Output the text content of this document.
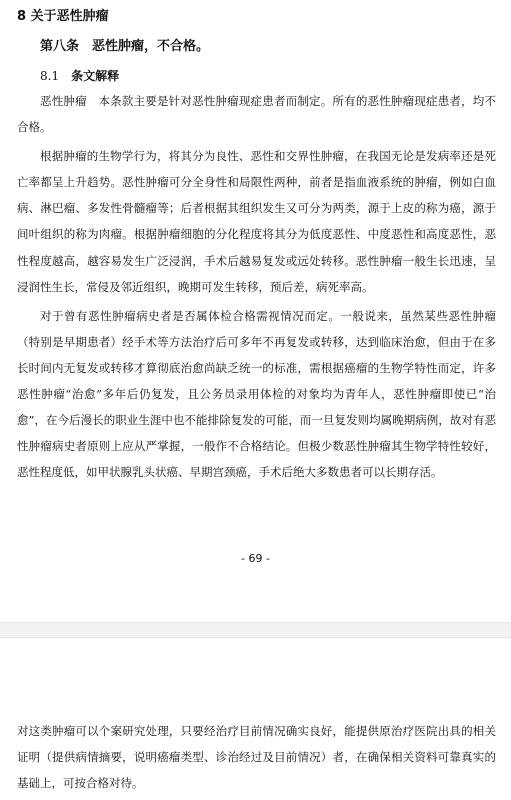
8 关于恶性肿瘤
第八条　恶性肿瘤，不合格。
8.1 条文解释

恶性肿瘤　本条款主要是针对恶性肿瘤现症患者而制定。所有的恶性肿瘤现症患者，均不合格。

根据肿瘤的生物学行为，将其分为良性、恶性和交界性肿瘤，在我国无论是发病率还是死亡率都呈上升趋势。恶性肿瘤可分全身性和局限性两种，前者是指血液系统的肿瘤，例如白血病、淋巴瘤、多发性骨髓瘤等；后者根据其组织发生又可分为两类，源于上皮的称为癌，源于间叶组织的称为肉瘤。根据肿瘤细胞的分化程度将其分为低度恶性、中度恶性和高度恶性，恶性程度越高，越容易发生广泛浸润，手术后越易复发或远处转移。恶性肿瘤一般生长迅速，呈浸润性生长，常侵及邻近组织，晚期可发生转移，预后差，病死率高。

对于曾有恶性肿瘤病史者是否属体检合格需视情况而定。一般说来，虽然某些恶性肿瘤（特别是早期患者）经手术等方法治疗后可多年不再复发或转移，达到临床治愈，但由于在多长时间内无复发或转移才算彻底治愈尚缺乏统一的标准，需根据癌瘤的生物学特性而定，许多恶性肿瘤“治愈”多年后仍复发，且公务员录用体检的对象均为青年人，恶性肿瘤即使已“治愈”，在今后漫长的职业生涯中也不能排除复发的可能，而一旦复发则均属晚期病例，故对有恶性肿瘤病史者原则上应从严掌握，一般作不合格结论。但极少数恶性肿瘤其生物学特性较好，恶性程度低，如甲状腺乳头状癌、早期宫颈癌，手术后绝大多数患者可以长期存活。

- 69 -

对这类肿瘤可以个案研究处理，只要经治疗目前情况确实良好，能提供原治疗医院出具的相关证明（提供病情摘要，说明癌瘤类型、诊治经过及目前情况）者，在确保相关资料可靠真实的基础上，可按合格对待。
